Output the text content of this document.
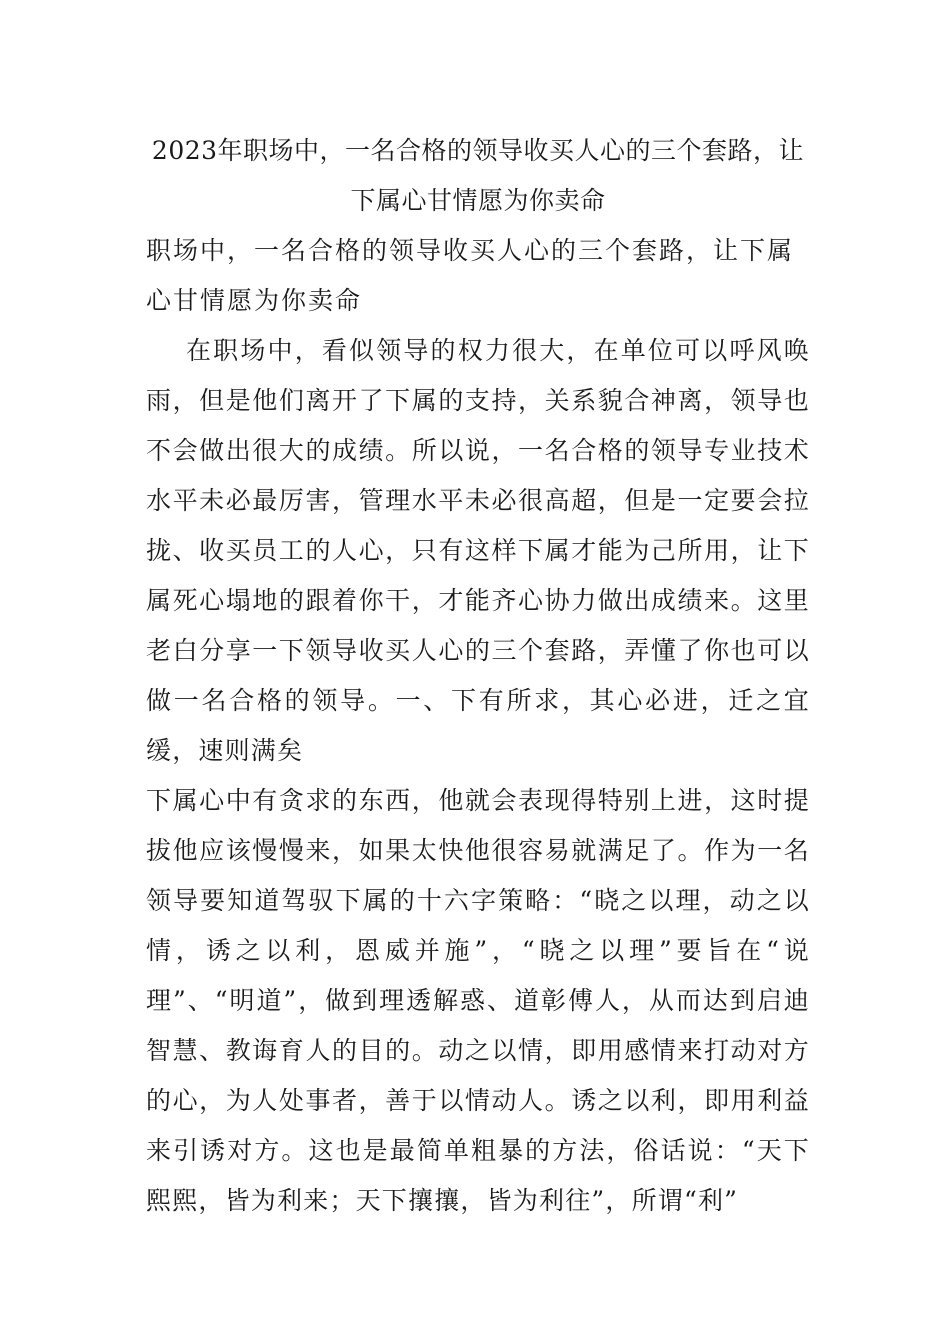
2023年职场中，一名合格的领导收买人心的三个套路，让下属心甘情愿为你卖命

职场中，一名合格的领导收买人心的三个套路，让下属心甘情愿为你卖命

在职场中，看似领导的权力很大，在单位可以呼风唤雨，但是他们离开了下属的支持，关系貌合神离，领导也不会做出很大的成绩。所以说，一名合格的领导专业技术水平未必最厉害，管理水平未必很高超，但是一定要会拉拢、收买员工的人心，只有这样下属才能为己所用，让下属死心塌地的跟着你干，才能齐心协力做出成绩来。这里老白分享一下领导收买人心的三个套路，弄懂了你也可以做一名合格的领导。一、下有所求，其心必进，迁之宜缓，速则满矣

下属心中有贪求的东西，他就会表现得特别上进，这时提拔他应该慢慢来，如果太快他很容易就满足了。作为一名领导要知道驾驭下属的十六字策略：“晓之以理，动之以情，诱之以利，恩威并施”，“晓之以理”要旨在“说理”、“明道”，做到理透解惑、道彰傅人，从而达到启迪智慧、教诲育人的目的。动之以情，即用感情来打动对方的心，为人处事者，善于以情动人。诱之以利，即用利益来引诱对方。这也是最简单粗暴的方法，俗话说：“天下熙熙，皆为利来；天下攘攘，皆为利往”，所谓“利”
